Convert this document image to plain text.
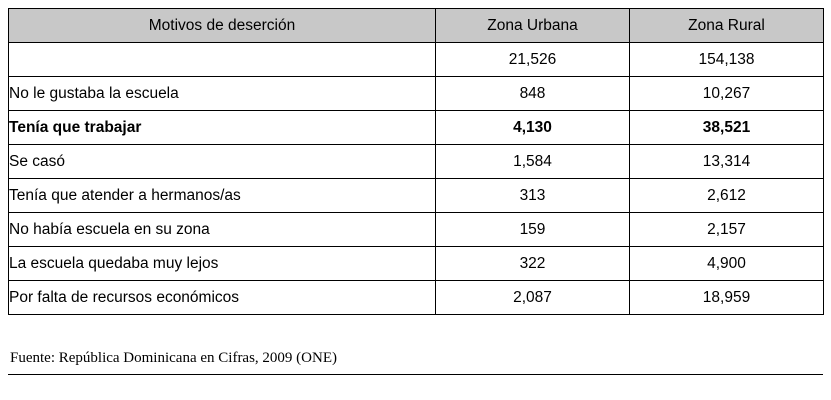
Motivos de deserción	Zona Urbana	Zona Rural
	21,526	154,138
No le gustaba la escuela	848	10,267
Tenía que trabajar	4,130	38,521
Se casó	1,584	13,314
Tenía que atender a hermanos/as	313	2,612
No había escuela en su zona	159	2,157
La escuela quedaba muy lejos	322	4,900
Por falta de recursos económicos	2,087	18,959
Fuente: República Dominicana en Cifras, 2009 (ONE)
